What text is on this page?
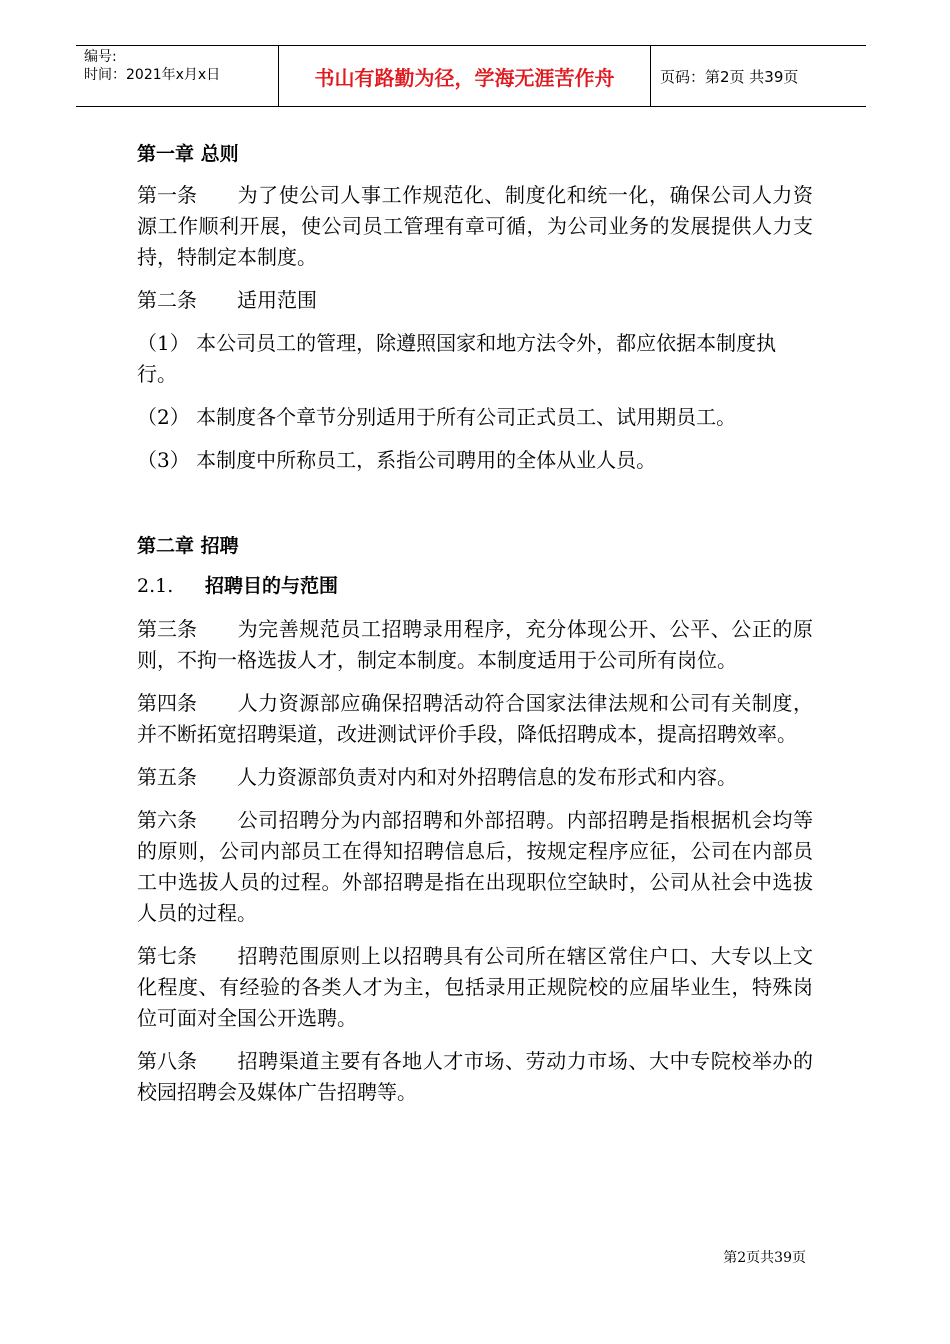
编号:
时间：2021年x月x日	书山有路勤为径，学海无涯苦作舟	页码：第2页 共39页
第一章 总则
第一条 为了使公司人事工作规范化、制度化和统一化，确保公司人力资源工作顺利开展，使公司员工管理有章可循，为公司业务的发展提供人力支持，特制定本制度。
第二条 适用范围
（1） 本公司员工的管理，除遵照国家和地方法令外，都应依据本制度执行。
（2） 本制度各个章节分别适用于所有公司正式员工、试用期员工。
（3） 本制度中所称员工，系指公司聘用的全体从业人员。
第二章 招聘
2.1. 招聘目的与范围
第三条 为完善规范员工招聘录用程序，充分体现公开、公平、公正的原则，不拘一格选拔人才，制定本制度。本制度适用于公司所有岗位。
第四条 人力资源部应确保招聘活动符合国家法律法规和公司有关制度，并不断拓宽招聘渠道，改进测试评价手段，降低招聘成本，提高招聘效率。
第五条 人力资源部负责对内和对外招聘信息的发布形式和内容。
第六条 公司招聘分为内部招聘和外部招聘。内部招聘是指根据机会均等的原则，公司内部员工在得知招聘信息后，按规定程序应征，公司在内部员工中选拔人员的过程。外部招聘是指在出现职位空缺时，公司从社会中选拔人员的过程。
第七条 招聘范围原则上以招聘具有公司所在辖区常住户口、大专以上文化程度、有经验的各类人才为主，包括录用正规院校的应届毕业生，特殊岗位可面对全国公开选聘。
第八条 招聘渠道主要有各地人才市场、劳动力市场、大中专院校举办的校园招聘会及媒体广告招聘等。
第2页共39页
